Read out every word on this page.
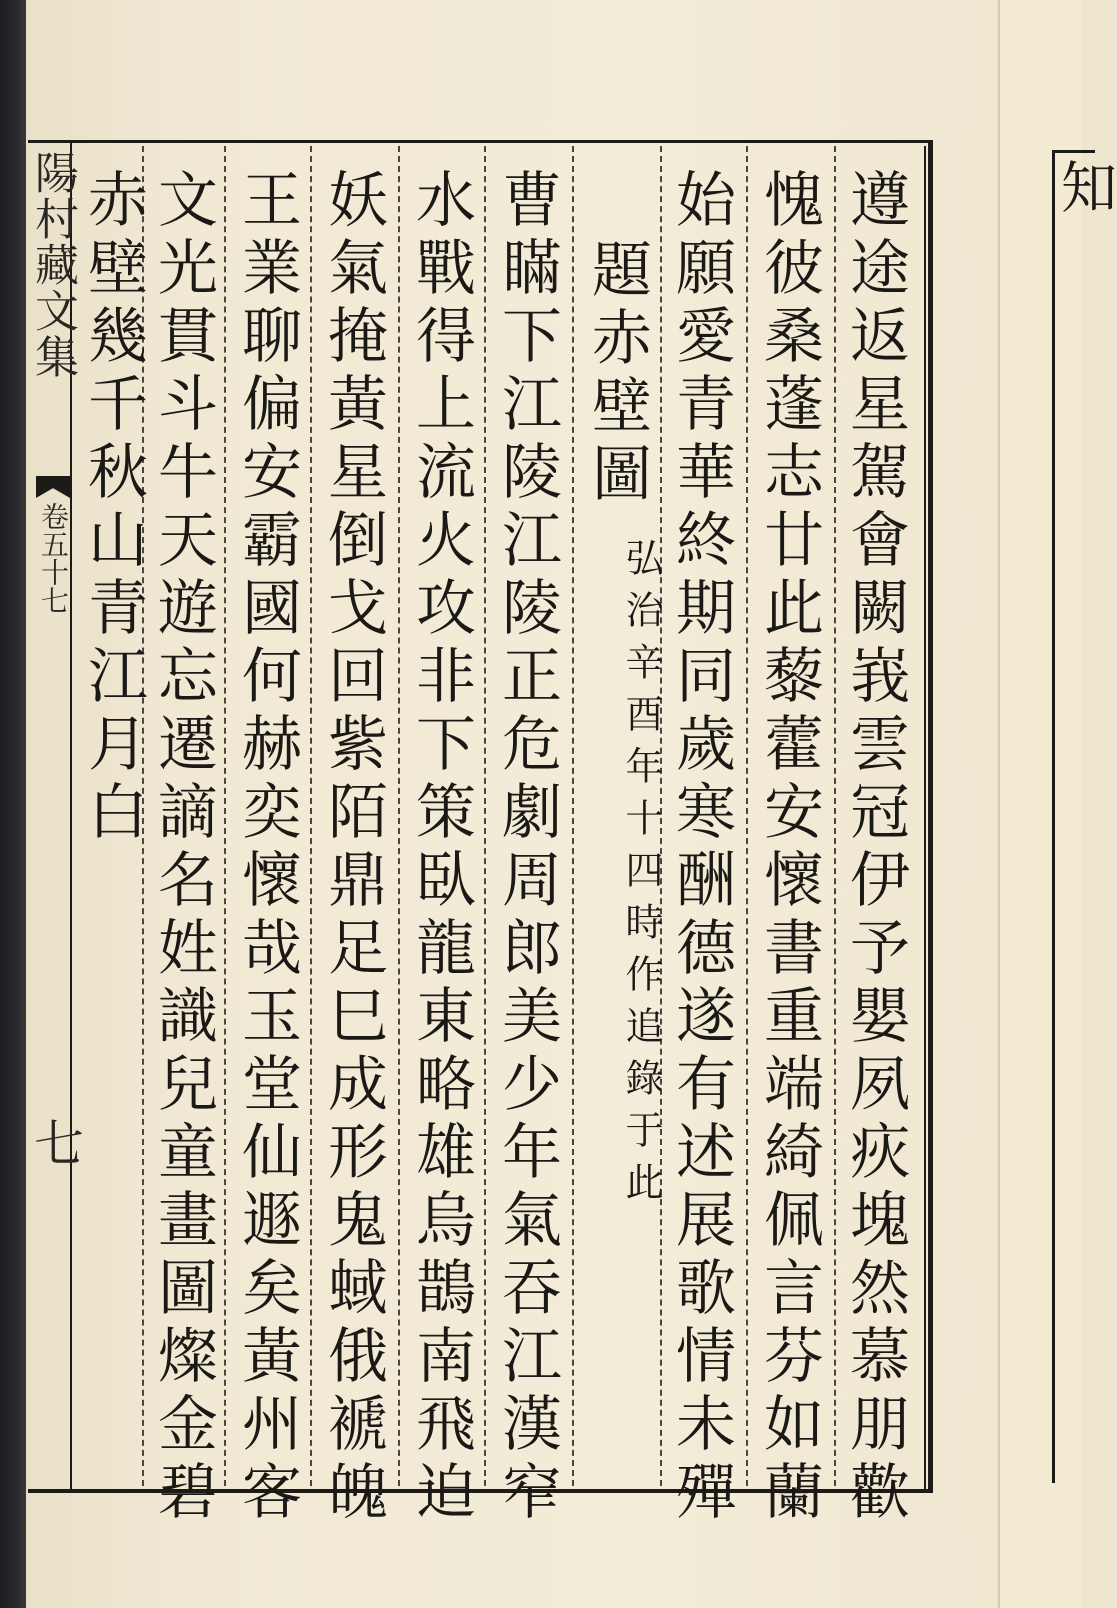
陽村藏文集
卷五十七
七	遵途返星駕會闕峩雲冠伊予嬰夙疢塊然慕朋歡
愧彼桑蓬志廿此藜藿安懷書重端綺佩言芬如蘭
始願愛青華終期同歲寒酬德遂有述展歌情未殫
題赤壁圖
弘治辛酉年十四時作追錄于此
曹瞞下江陵江陵正危劇周郎美少年氣吞江漢窄
水戰得上流火攻非下策臥龍東略雄烏鵲南飛迫
妖氣掩黃星倒戈回紫陌鼎足巳成形鬼蜮俄褫魄
王業聊偏安霸國何赫奕懷哉玉堂仙遯矣黃州客
文光貫斗牛天遊忘遷謫名姓識兒童畫圖燦金碧
赤壁幾千秋山青江月白	知
